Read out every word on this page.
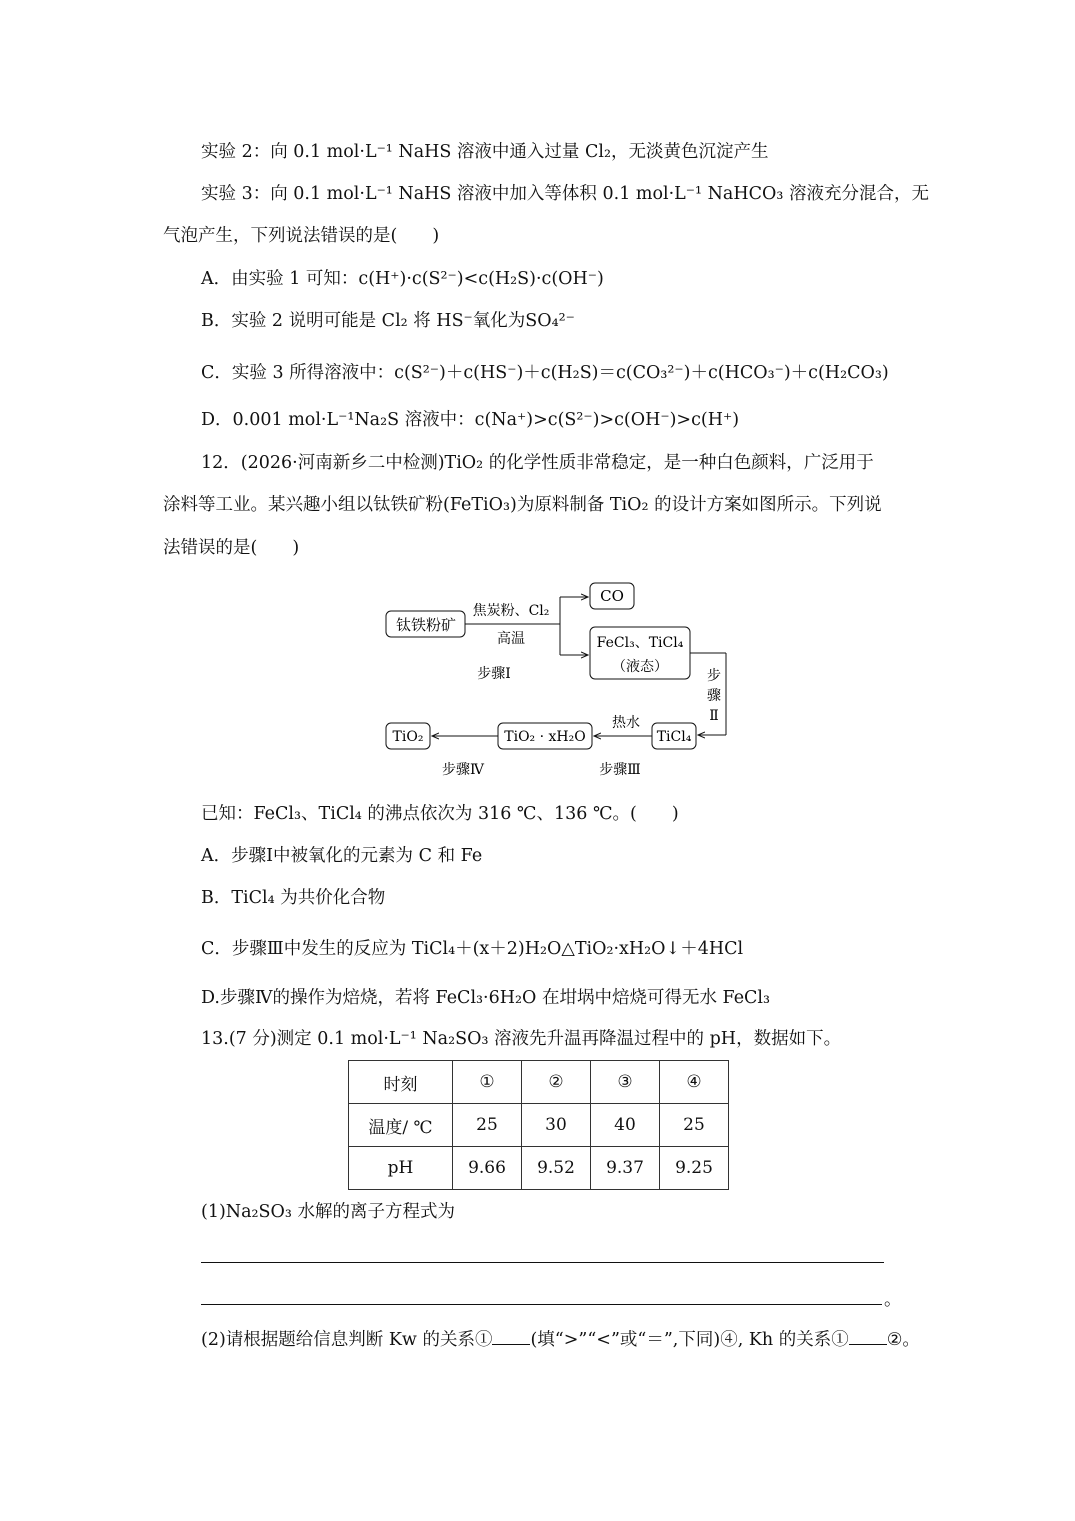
实验 2：向 0.1 mol·L⁻¹ NaHS 溶液中通入过量 Cl₂，无淡黄色沉淀产生
实验 3：向 0.1 mol·L⁻¹ NaHS 溶液中加入等体积 0.1 mol·L⁻¹ NaHCO₃ 溶液充分混合，无
气泡产生，下列说法错误的是(　　)
A．由实验 1 可知：c(H⁺)·c(S²⁻)<c(H₂S)·c(OH⁻)
B．实验 2 说明可能是 Cl₂ 将 HS⁻氧化为SO₄²⁻
C．实验 3 所得溶液中：c(S²⁻)＋c(HS⁻)＋c(H₂S)＝c(CO₃²⁻)＋c(HCO₃⁻)＋c(H₂CO₃)
D．0.001 mol·L⁻¹Na₂S 溶液中：c(Na⁺)>c(S²⁻)>c(OH⁻)>c(H⁺)
12．(2026·河南新乡二中检测)TiO₂ 的化学性质非常稳定，是一种白色颜料，广泛用于
涂料等工业。某兴趣小组以钛铁矿粉(FeTiO₃)为原料制备 TiO₂ 的设计方案如图所示。下列说
法错误的是(　　)
钛铁粉矿
焦炭粉、Cl₂
高温
步骤Ⅰ
CO
FeCl₃、TiCl₄
（液态）
步
骤
Ⅱ
TiCl₄
热水
步骤Ⅲ
TiO₂ · xH₂O
步骤Ⅳ
TiO₂
已知：FeCl₃、TiCl₄ 的沸点依次为 316 ℃、136 ℃。(　　)
A．步骤Ⅰ中被氧化的元素为 C 和 Fe
B．TiCl₄ 为共价化合物
C．步骤Ⅲ中发生的反应为 TiCl₄＋(x＋2)H₂O△TiO₂·xH₂O↓＋4HCl
D.步骤Ⅳ的操作为焙烧，若将 FeCl₃·6H₂O 在坩埚中焙烧可得无水 FeCl₃
13.(7 分)测定 0.1 mol·L⁻¹ Na₂SO₃ 溶液先升温再降温过程中的 pH，数据如下。
时刻	①	②	③	④
温度/ ℃	25	30	40	25
pH	9.66	9.52	9.37	9.25
(1)Na₂SO₃ 水解的离子方程式为
。
(2)请根据题给信息判断 Kw 的关系① (填“>”“<”或“＝”,下同)④, Kh 的关系① ②。
